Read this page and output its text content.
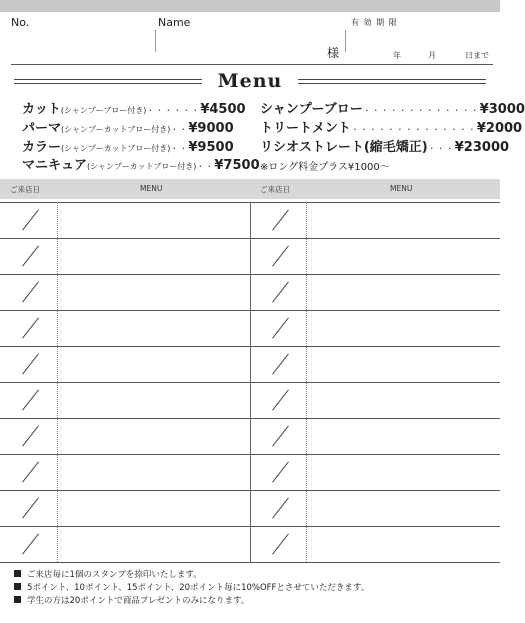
No.	Name	有 効 期 限
様	年	月	日まで
Menu
カット(シャンプーブロー付き)・・・・・・¥4500
パーマ(シャンプーカットブロー付き)・・¥9000
カラー(シャンプーカットブロー付き)・・¥9500
マニキュア(シャンプーカットブロー付き)・・¥7500
シャンプーブロー・・・・・・・・・・・・・¥3000
トリートメント・・・・・・・・・・・・・・¥2000
リシオストレート(縮毛矯正)・・・¥23000
※ロング料金プラス¥1000〜
ご来店日	MENU	ご来店日	MENU
ご来店毎に1個のスタンプを捺印いたします。
5ポイント、10ポイント、15ポイント、20ポイント毎に10%OFFとさせていただきます。
学生の方は20ポイントで商品プレゼントのみになります。
